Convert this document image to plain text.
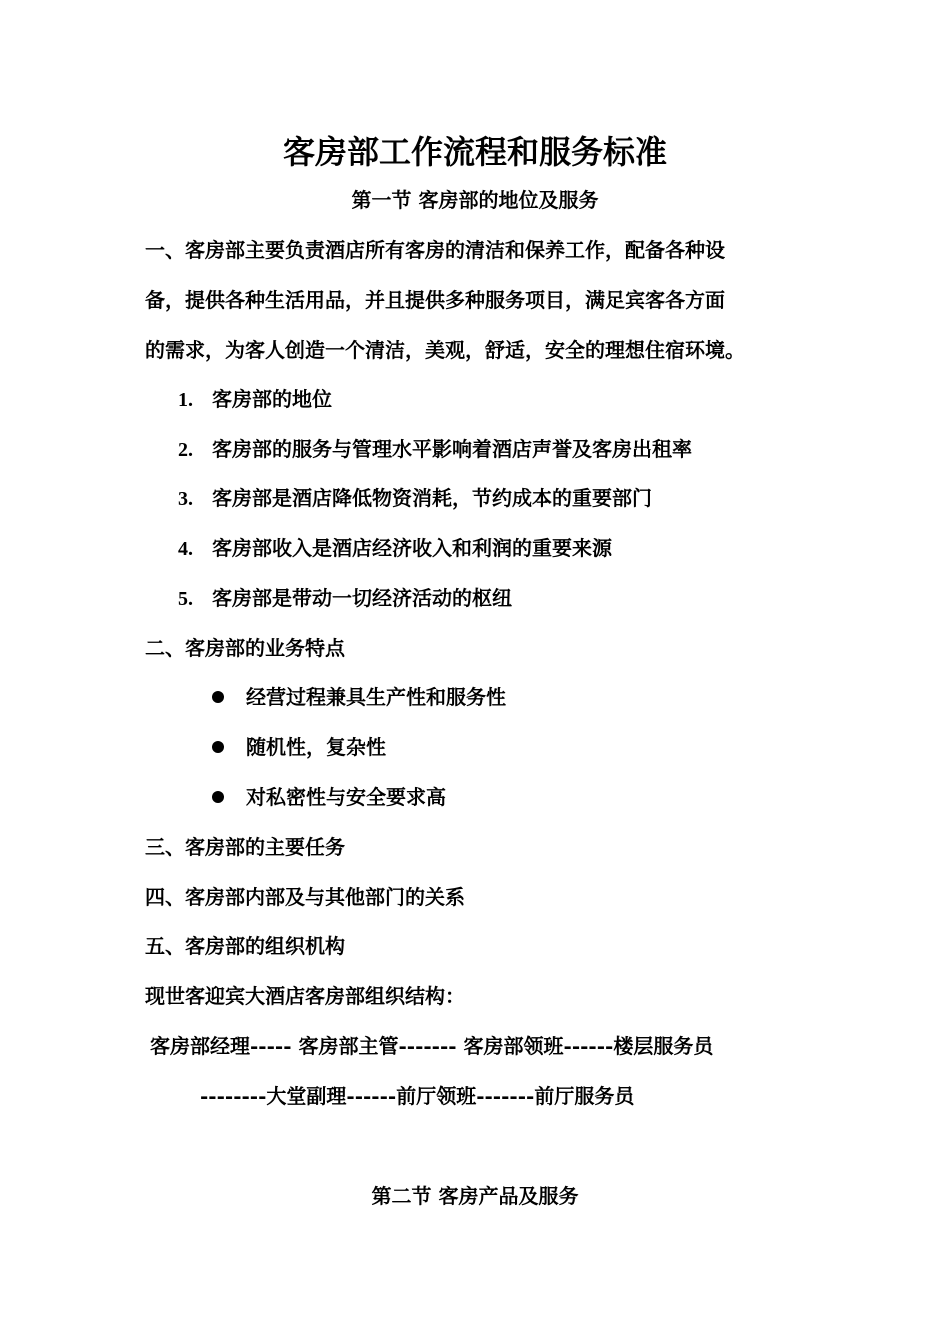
客房部工作流程和服务标准
第一节 客房部的地位及服务
一、客房部主要负责酒店所有客房的清洁和保养工作，配备各种设
备，提供各种生活用品，并且提供多种服务项目，满足宾客各方面
的需求，为客人创造一个清洁，美观，舒适，安全的理想住宿环境。
1. 客房部的地位
2. 客房部的服务与管理水平影响着酒店声誉及客房出租率
3. 客房部是酒店降低物资消耗，节约成本的重要部门
4. 客房部收入是酒店经济收入和利润的重要来源
5. 客房部是带动一切经济活动的枢纽
二、客房部的业务特点
经营过程兼具生产性和服务性
随机性，复杂性
对私密性与安全要求高
三、客房部的主要任务
四、客房部内部及与其他部门的关系
五、客房部的组织机构
现世客迎宾大酒店客房部组织结构：
客房部经理----- 客房部主管------- 客房部领班------楼层服务员
--------大堂副理------前厅领班-------前厅服务员
第二节 客房产品及服务
